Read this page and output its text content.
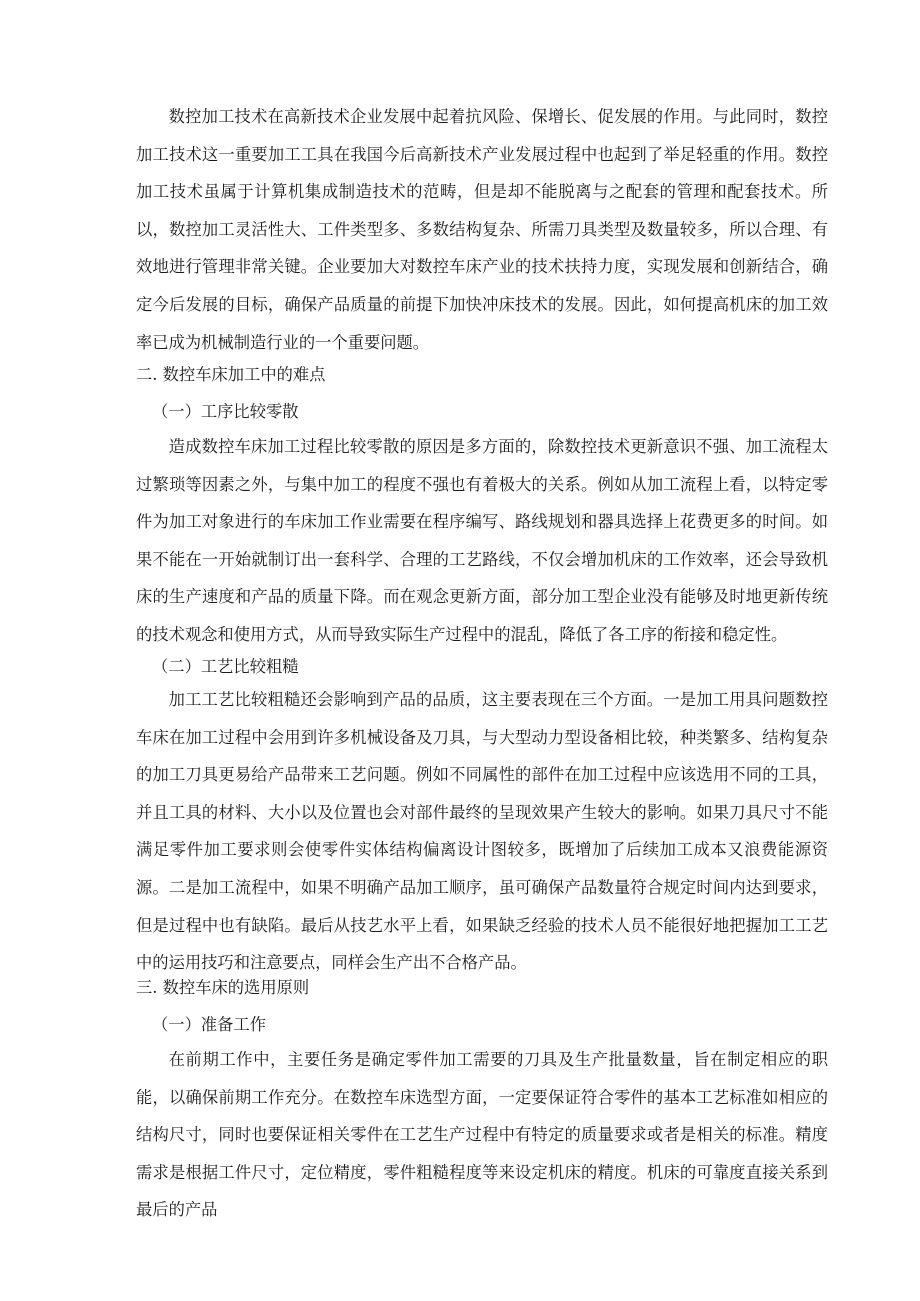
数控加工技术在高新技术企业发展中起着抗风险、保增长、促发展的作用。与此同时，数控加工技术这一重要加工工具在我国今后高新技术产业发展过程中也起到了举足轻重的作用。数控加工技术虽属于计算机集成制造技术的范畴，但是却不能脱离与之配套的管理和配套技术。所以，数控加工灵活性大、工件类型多、多数结构复杂、所需刀具类型及数量较多，所以合理、有效地进行管理非常关键。企业要加大对数控车床产业的技术扶持力度，实现发展和创新结合，确定今后发展的目标，确保产品质量的前提下加快冲床技术的发展。因此，如何提高机床的加工效率已成为机械制造行业的一个重要问题。

二. 数控车床加工中的难点

（一）工序比较零散

造成数控车床加工过程比较零散的原因是多方面的，除数控技术更新意识不强、加工流程太过繁琐等因素之外，与集中加工的程度不强也有着极大的关系。例如从加工流程上看，以特定零件为加工对象进行的车床加工作业需要在程序编写、路线规划和器具选择上花费更多的时间。如果不能在一开始就制订出一套科学、合理的工艺路线，不仅会增加机床的工作效率，还会导致机床的生产速度和产品的质量下降。而在观念更新方面，部分加工型企业没有能够及时地更新传统的技术观念和使用方式，从而导致实际生产过程中的混乱，降低了各工序的衔接和稳定性。

（二）工艺比较粗糙

加工工艺比较粗糙还会影响到产品的品质，这主要表现在三个方面。一是加工用具问题数控车床在加工过程中会用到许多机械设备及刀具，与大型动力型设备相比较，种类繁多、结构复杂的加工刀具更易给产品带来工艺问题。例如不同属性的部件在加工过程中应该选用不同的工具，并且工具的材料、大小以及位置也会对部件最终的呈现效果产生较大的影响。如果刀具尺寸不能满足零件加工要求则会使零件实体结构偏离设计图较多，既增加了后续加工成本又浪费能源资源。二是加工流程中，如果不明确产品加工顺序，虽可确保产品数量符合规定时间内达到要求，但是过程中也有缺陷。最后从技艺水平上看，如果缺乏经验的技术人员不能很好地把握加工工艺中的运用技巧和注意要点，同样会生产出不合格产品。

三. 数控车床的选用原则

（一）准备工作

在前期工作中，主要任务是确定零件加工需要的刀具及生产批量数量，旨在制定相应的职能，以确保前期工作充分。在数控车床选型方面，一定要保证符合零件的基本工艺标准如相应的结构尺寸，同时也要保证相关零件在工艺生产过程中有特定的质量要求或者是相关的标准。精度需求是根据工件尺寸，定位精度，零件粗糙程度等来设定机床的精度。机床的可靠度直接关系到最后的产品
